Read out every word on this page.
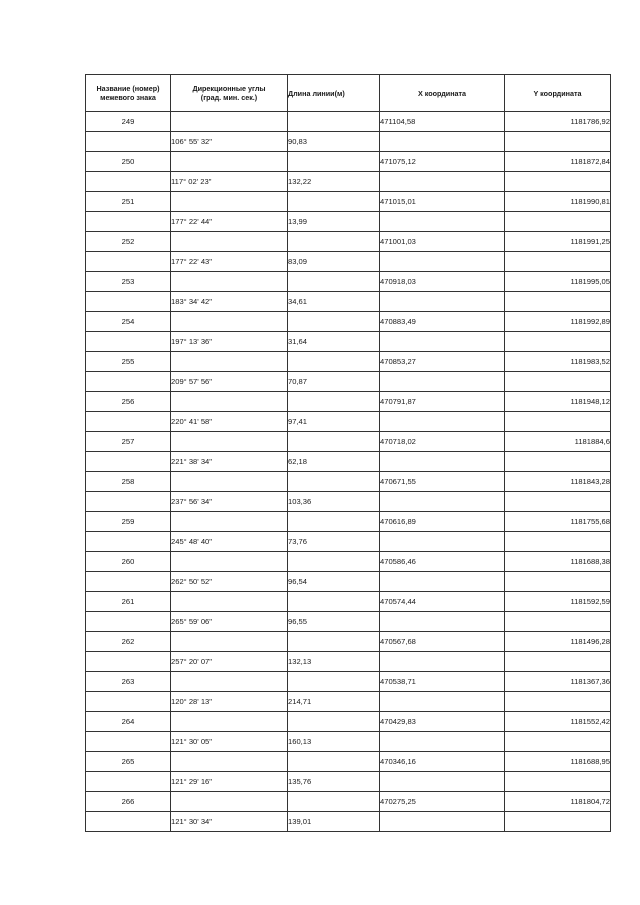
Название (номер)
межевого знака	Дирекционные углы
(град. мин. сек.)	Длина линии(м)	X координата	Y координата
249			471104,58	1181786,92
	106° 55' 32"	90,83		
250			471075,12	1181872,84
	117° 02' 23"	132,22		
251			471015,01	1181990,81
	177° 22' 44"	13,99		
252			471001,03	1181991,25
	177° 22' 43"	83,09		
253			470918,03	1181995,05
	183° 34' 42"	34,61		
254			470883,49	1181992,89
	197° 13' 36"	31,64		
255			470853,27	1181983,52
	209° 57' 56"	70,87		
256			470791,87	1181948,12
	220° 41' 58"	97,41		
257			470718,02	1181884,6
	221° 38' 34"	62,18		
258			470671,55	1181843,28
	237° 56' 34"	103,36		
259			470616,89	1181755,68
	245° 48' 40"	73,76		
260			470586,46	1181688,38
	262° 50' 52"	96,54		
261			470574,44	1181592,59
	265° 59' 06"	96,55		
262			470567,68	1181496,28
	257° 20' 07"	132,13		
263			470538,71	1181367,36
	120° 28' 13"	214,71		
264			470429,83	1181552,42
	121° 30' 05"	160,13		
265			470346,16	1181688,95
	121° 29' 16"	135,76		
266			470275,25	1181804,72
	121° 30' 34"	139,01		
